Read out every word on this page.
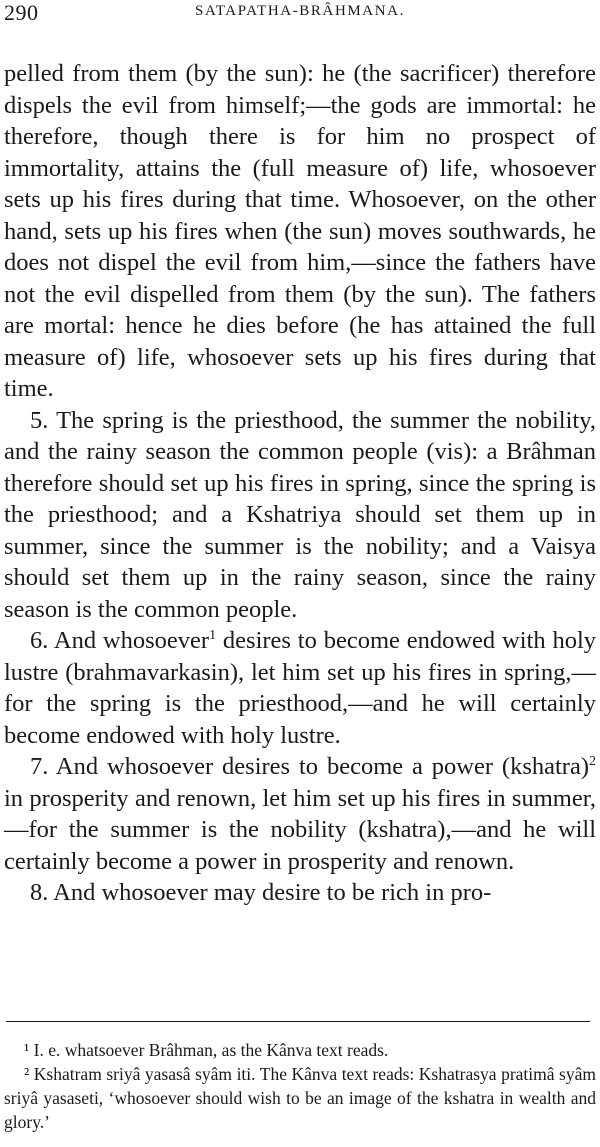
290	SATAPATHA-BRÂHMANA.

pelled from them (by the sun): he (the sacrificer) therefore dispels the evil from himself;—the gods are immortal: he therefore, though there is for him no prospect of immortality, attains the (full measure of) life, whosoever sets up his fires during that time. Whosoever, on the other hand, sets up his fires when (the sun) moves southwards, he does not dispel the evil from him,—since the fathers have not the evil dispelled from them (by the sun). The fathers are mortal: hence he dies before (he has attained the full measure of) life, whosoever sets up his fires during that time.

5. The spring is the priesthood, the summer the nobility, and the rainy season the common people (vis): a Brâhman therefore should set up his fires in spring, since the spring is the priesthood; and a Kshatriya should set them up in summer, since the summer is the nobility; and a Vaisya should set them up in the rainy season, since the rainy season is the common people.

6. And whosoever$^1$ desires to become endowed with holy lustre (brahmavarkasin), let him set up his fires in spring,—for the spring is the priesthood,—and he will certainly become endowed with holy lustre.

7. And whosoever desires to become a power (kshatra)$^2$ in prosperity and renown, let him set up his fires in summer,—for the summer is the nobility (kshatra),—and he will certainly become a power in prosperity and renown.

8. And whosoever may desire to be rich in pro-

¹ I. e. whatsoever Brâhman, as the Kânva text reads.

² Kshatram sriyâ yasasâ syâm iti. The Kânva text reads: Kshatrasya pratimâ syâm sriyâ yasaseti, ‘whosoever should wish to be an image of the kshatra in wealth and glory.’
